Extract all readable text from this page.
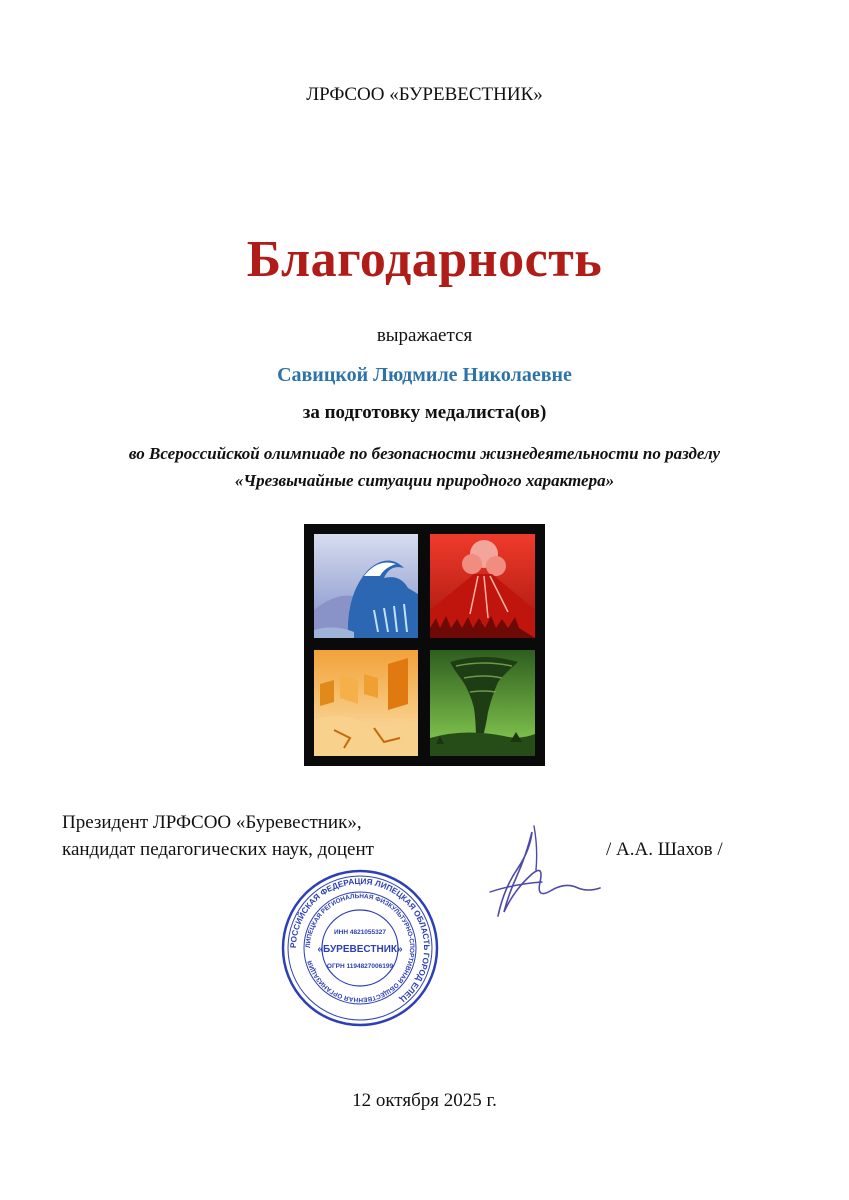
ЛРФСОО «БУРЕВЕСТНИК»
Благодарность
выражается
Савицкой Людмиле Николаевне
за подготовку медалиста(ов)
во Всероссийской олимпиаде по безопасности жизнедеятельности по разделу
«Чрезвычайные ситуации природного характера»
Президент ЛРФСОО «Буревестник»,
кандидат педагогических наук, доцент	/ А.А. Шахов /
РОССИЙСКАЯ ФЕДЕРАЦИЯ ЛИПЕЦКАЯ ОБЛАСТЬ ГОРОД ЕЛЕЦ
ЛИПЕЦКАЯ РЕГИОНАЛЬНАЯ ФИЗКУЛЬТУРНО-СПОРТИВНАЯ ОБЩЕСТВЕННАЯ ОРГАНИЗАЦИЯ
ИНН 4821055327
«БУРЕВЕСТНИК»
ОГРН 1194827006199
12 октября 2025 г.
